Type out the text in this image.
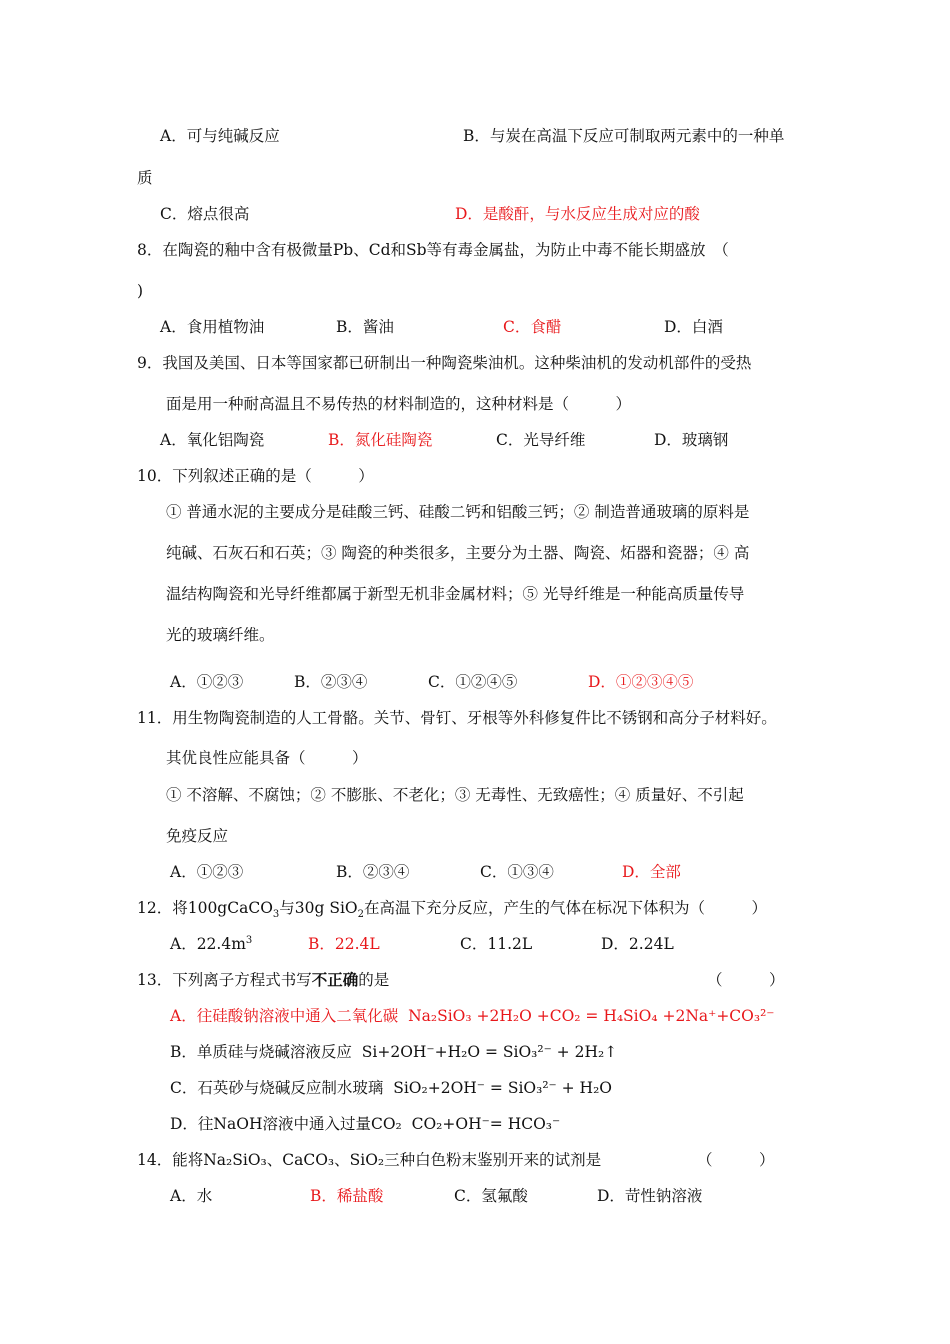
A．可与纯碱反应	B．与炭在高温下反应可制取两元素中的一种单
质
C．熔点很高	D．是酸酐，与水反应生成对应的酸
8．在陶瓷的釉中含有极微量Pb、Cd和Sb等有毒金属盐，为防止中毒不能长期盛放　（
)
A．食用植物油	B．酱油	C．食醋	D．白酒
9．我国及美国、日本等国家都已研制出一种陶瓷柴油机。这种柴油机的发动机部件的受热
面是用一种耐高温且不易传热的材料制造的，这种材料是（　　　）
A．氧化铝陶瓷	B．氮化硅陶瓷	C．光导纤维	D．玻璃钢
10．下列叙述正确的是（　　　）
① 普通水泥的主要成分是硅酸三钙、硅酸二钙和铝酸三钙；② 制造普通玻璃的原料是
纯碱、石灰石和石英；③ 陶瓷的种类很多，主要分为土器、陶瓷、炻器和瓷器；④ 高
温结构陶瓷和光导纤维都属于新型无机非金属材料；⑤ 光导纤维是一种能高质量传导
光的玻璃纤维。
A．①②③	B．②③④	C．①②④⑤	D．①②③④⑤
11．用生物陶瓷制造的人工骨骼。关节、骨钉、牙根等外科修复件比不锈钢和高分子材料好。
其优良性应能具备（　　　）
① 不溶解、不腐蚀；② 不膨胀、不老化；③ 无毒性、无致癌性；④ 质量好、不引起
免疫反应
A．①②③	B．②③④	C．①③④	D．全部
12．将100gCaCO$_3$与30g SiO$_2$在高温下充分反应，产生的气体在标况下体积为（　　　）
A．$22.4m^3$	B．22.4L	C．11.2L	D．2.24L
13．下列离子方程式书写不正确的是	（　　　）
A．往硅酸钠溶液中通入二氧化碳 Na₂SiO₃ +2H₂O +CO₂ = H₄SiO₄ +2Na⁺+CO₃²⁻
B．单质硅与烧碱溶液反应 Si+2OH⁻+H₂O = SiO₃²⁻ + 2H₂↑
C．石英砂与烧碱反应制水玻璃 SiO₂+2OH⁻ = SiO₃²⁻ + H₂O
D．往NaOH溶液中通入过量CO₂ CO₂+OH⁻= HCO₃⁻
14．能将Na₂SiO₃、CaCO₃、SiO₂三种白色粉末鉴别开来的试剂是	（　　　）
A．水	B．稀盐酸	C．氢氟酸	D．苛性钠溶液
